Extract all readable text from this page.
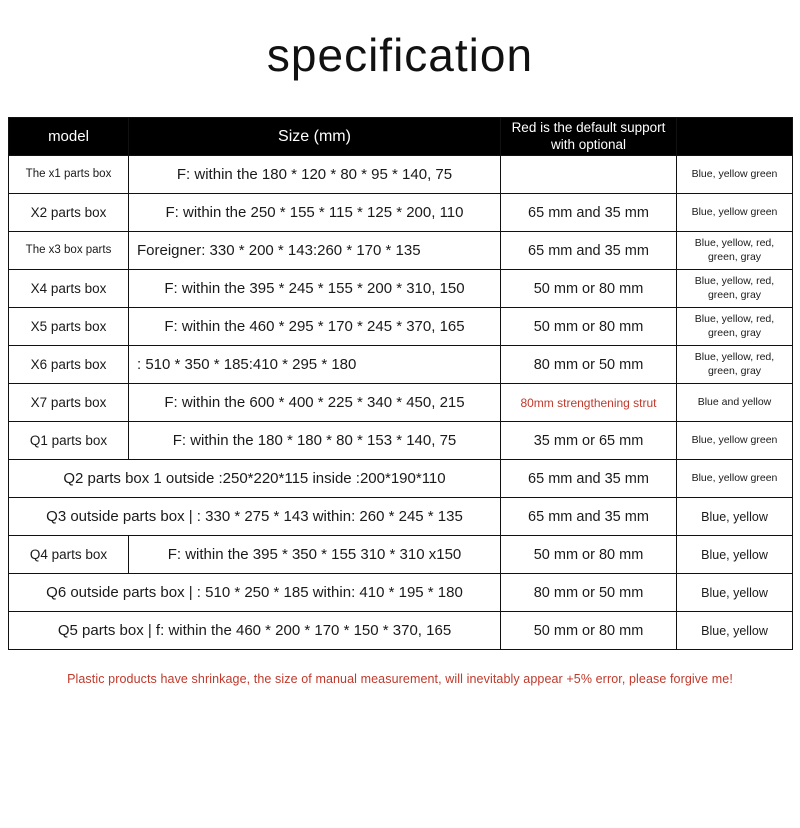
specification
model	Size (mm)	Red is the default support with optional	
The x1 parts box	F: within the 180 * 120 * 80 * 95 * 140, 75		Blue, yellow green
X2 parts box	F: within the 250 * 155 * 115 * 125 * 200, 110	65 mm and 35 mm	Blue, yellow green
The x3 box parts	Foreigner: 330 * 200 * 143:260 * 170 * 135	65 mm and 35 mm	Blue, yellow, red, green, gray
X4 parts box	F: within the 395 * 245 * 155 * 200 * 310, 150	50 mm or 80 mm	Blue, yellow, red, green, gray
X5 parts box	F: within the 460 * 295 * 170 * 245 * 370, 165	50 mm or 80 mm	Blue, yellow, red, green, gray
X6 parts box	: 510 * 350 * 185:410 * 295 * 180	80 mm or 50 mm	Blue, yellow, red, green, gray
X7 parts box	F: within the 600 * 400 * 225 * 340 * 450, 215	80mm strengthening strut	Blue and yellow
Q1 parts box	F: within the 180 * 180 * 80 * 153 * 140, 75	35 mm or 65 mm	Blue, yellow green
Q2 parts box 1 outside :250*220*115 inside :200*190*110		65 mm and 35 mm	Blue, yellow green
Q3 outside parts box | : 330 * 275 * 143 within: 260 * 245 * 135		65 mm and 35 mm	Blue, yellow
Q4 parts box	F: within the 395 * 350 * 155 310 * 310 x150	50 mm or 80 mm	Blue, yellow
Q6 outside parts box | : 510 * 250 * 185 within: 410 * 195 * 180		80 mm or 50 mm	Blue, yellow
Q5 parts box | f: within the 460 * 200 * 170 * 150 * 370, 165		50 mm or 80 mm	Blue, yellow
Plastic products have shrinkage, the size of manual measurement, will inevitably appear +5% error, please forgive me!
